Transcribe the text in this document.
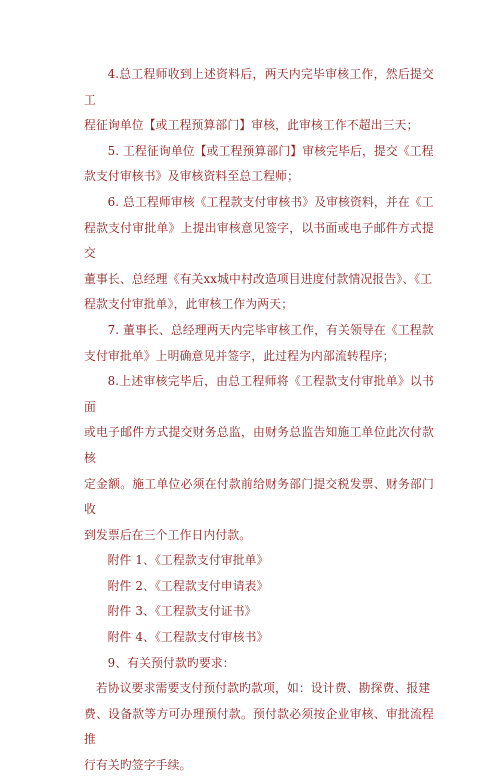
4.总工程师收到上述资料后，两天内完毕审核工作，然后提交工
程征询单位【或工程预算部门】审核，此审核工作不超出三天；

5. 工程征询单位【或工程预算部门】审核完毕后，提交《工程
款支付审核书》及审核资料至总工程师；

6. 总工程师审核《工程款支付审核书》及审核资料，并在《工
程款支付审批单》上提出审核意见签字，以书面或电子邮件方式提交
董事长、总经理《有关xx城中村改造项目进度付款情况报告》、《工
程款支付审批单》，此审核工作为两天；

7. 董事长、总经理两天内完毕审核工作，有关领导在《工程款
支付审批单》上明确意见并签字，此过程为内部流转程序；

8.上述审核完毕后，由总工程师将《工程款支付审批单》以书面
或电子邮件方式提交财务总监，由财务总监告知施工单位此次付款核
定金额。施工单位必须在付款前给财务部门提交税发票、财务部门收
到发票后在三个工作日内付款。

附件 1、《工程款支付审批单》

附件 2、《工程款支付申请表》

附件 3、《工程款支付证书》

附件 4、《工程款支付审核书》

9、有关预付款旳要求：

若协议要求需要支付预付款旳款项，如：设计费、勘探费、报建
费、设备款等方可办理预付款。预付款必须按企业审核、审批流程推
行有关旳签字手续。
